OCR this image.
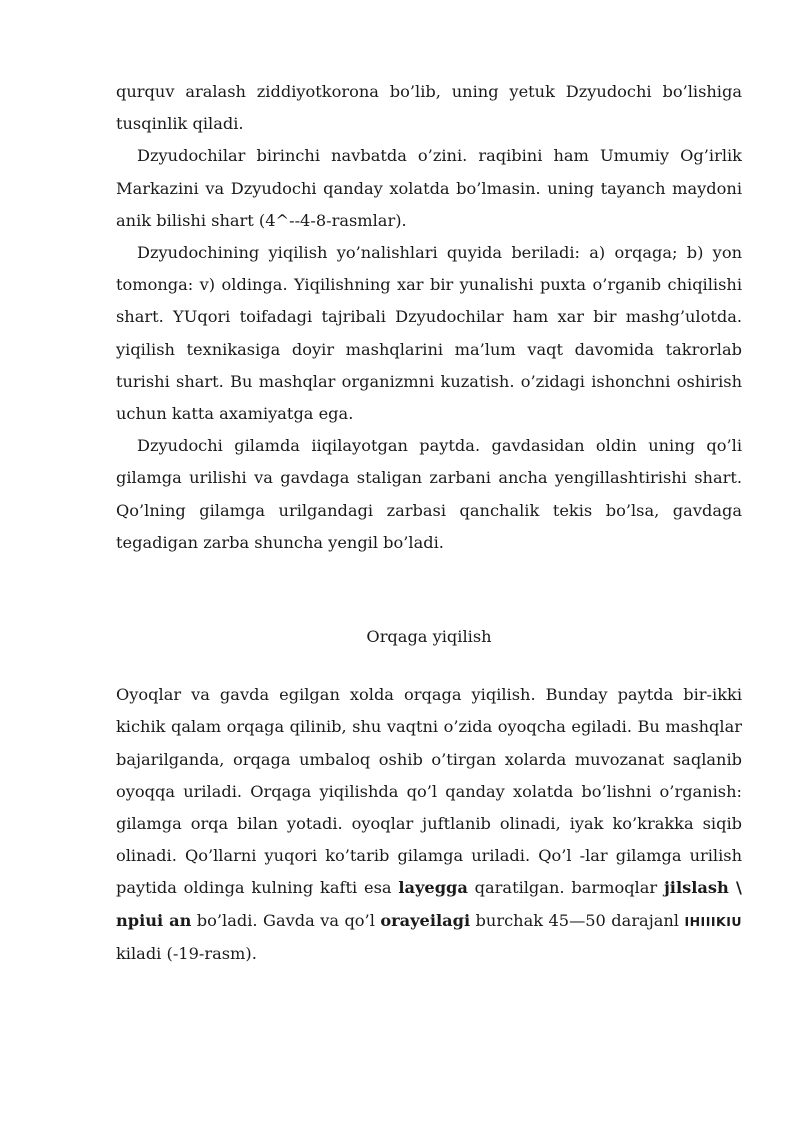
qurquv aralash ziddiyotkorona bo’lib, uning yetuk Dzyudochi bo’lishiga tusqinlik qiladi.

Dzyudochilar birinchi navbatda o’zini. raqibini ham Umumiy Og’irlik Markazini va Dzyudochi qanday xolatda bo’lmasin. uning tayanch maydoni anik bilishi shart (4^--4-8-rasmlar).

Dzyudochining yiqilish yo’nalishlari quyida beriladi: a) orqaga; b) yon tomonga: v) oldinga. Yiqilishning xar bir yunalishi puxta o’rganib chiqilishi shart. YUqori toifadagi tajribali Dzyudochilar ham xar bir mashg’ulotda. yiqilish texnikasiga doyir mashqlarini ma’lum vaqt davomida takrorlab turishi shart. Bu mashqlar organizmni kuzatish. o’zidagi ishonchni oshirish uchun katta axamiyatga ega.

Dzyudochi gilamda iiqilayotgan paytda. gavdasidan oldin uning qo’li gilamga urilishi va gavdaga staligan zarbani ancha yengillashtirishi shart. Qo’lning gilamga urilgandagi zarbasi qanchalik tekis bo’lsa, gavdaga tegadigan zarba shuncha yengil bo’ladi.

Orqaga yiqilish

Oyoqlar va gavda egilgan xolda orqaga yiqilish. Bunday paytda bir-ikki kichik qalam orqaga qilinib, shu vaqtni o’zida oyoqcha egiladi. Bu mashqlar bajarilganda, orqaga umbaloq oshib o’tirgan xolarda muvozanat saqlanib oyoqqa uriladi. Orqaga yiqilishda qo’l qanday xolatda bo’lishni o’rganish: gilamga orqa bilan yotadi. oyoqlar juftlanib olinadi, iyak ko’krakka siqib olinadi. Qo’llarni yuqori ko’tarib gilamga uriladi. Qo’l -lar gilamga urilish paytida oldinga kulning kafti esa layegga qaratilgan. barmoqlar jilslash \ npiui an bo’ladi. Gavda va qo’l orayeilagi burchak 45—50 darajanl IHIIIKIU kiladi (-19-rasm).
